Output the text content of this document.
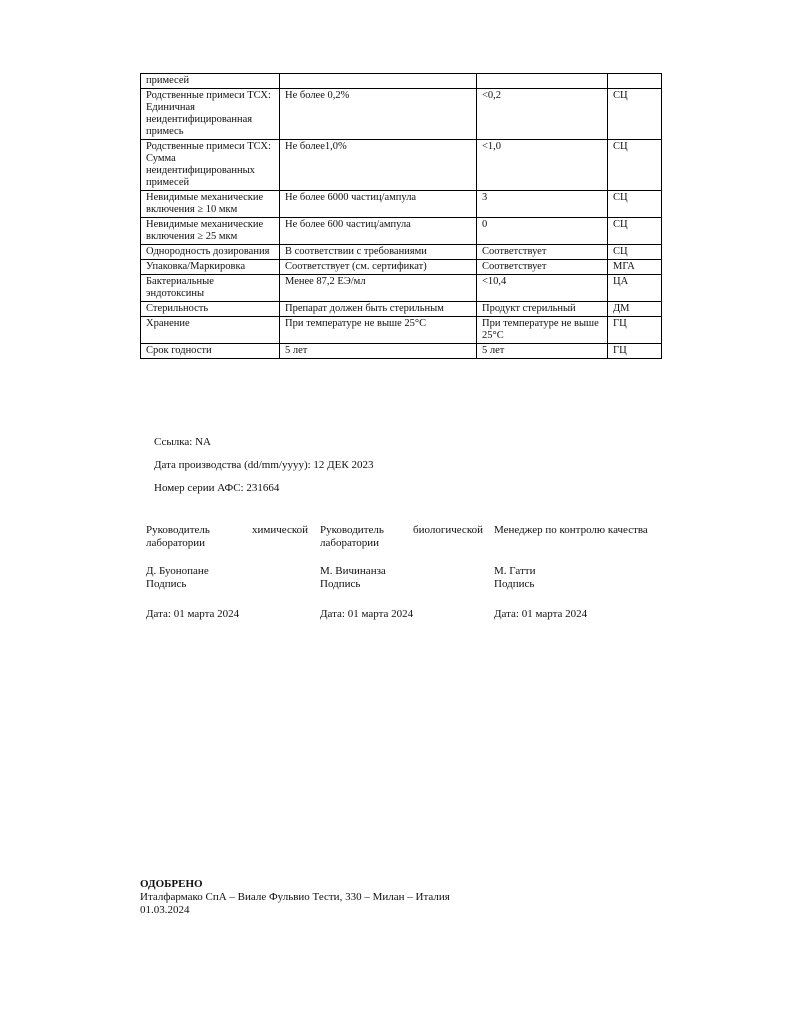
примесей			
Родственные примеси ТСХ: Единичная неидентифицированная примесь	Не более 0,2%	<0,2	СЦ
Родственные примеси ТСХ: Сумма неидентифицированных примесей	Не более1,0%	<1,0	СЦ
Невидимые механические включения ≥ 10 мкм	Не более 6000 частиц/ампула	3	СЦ
Невидимые механические включения ≥ 25 мкм	Не более 600 частиц/ампула	0	СЦ
Однородность дозирования	В соответствии с требованиями	Соответствует	СЦ
Упаковка/Маркировка	Соответствует (см. сертификат)	Соответствует	МГА
Бактериальные эндотоксины	Менее 87,2 ЕЭ/мл	<10,4	ЦА
Стерильность	Препарат должен быть стерильным	Продукт стерильный	ДМ
Хранение	При температуре не выше 25°C	При температуре не выше 25°C	ГЦ
Срок годности	5 лет	5 лет	ГЦ
Ссылка: NA
Дата производства (dd/mm/yyyy): 12 ДЕК 2023
Номер серии АФС: 231664
Руководитель	химической
лаборатории
Д. Буонопане
Подпись
Дата: 01 марта 2024
Руководитель	биологической
лаборатории
М. Вичинанза
Подпись
Дата: 01 марта 2024
Менеджер по контролю качества

М. Гатти
Подпись
Дата: 01 марта 2024
ОДОБРЕНО
Италфармако СпА – Виале Фульвио Тести, 330 – Милан – Италия
01.03.2024
